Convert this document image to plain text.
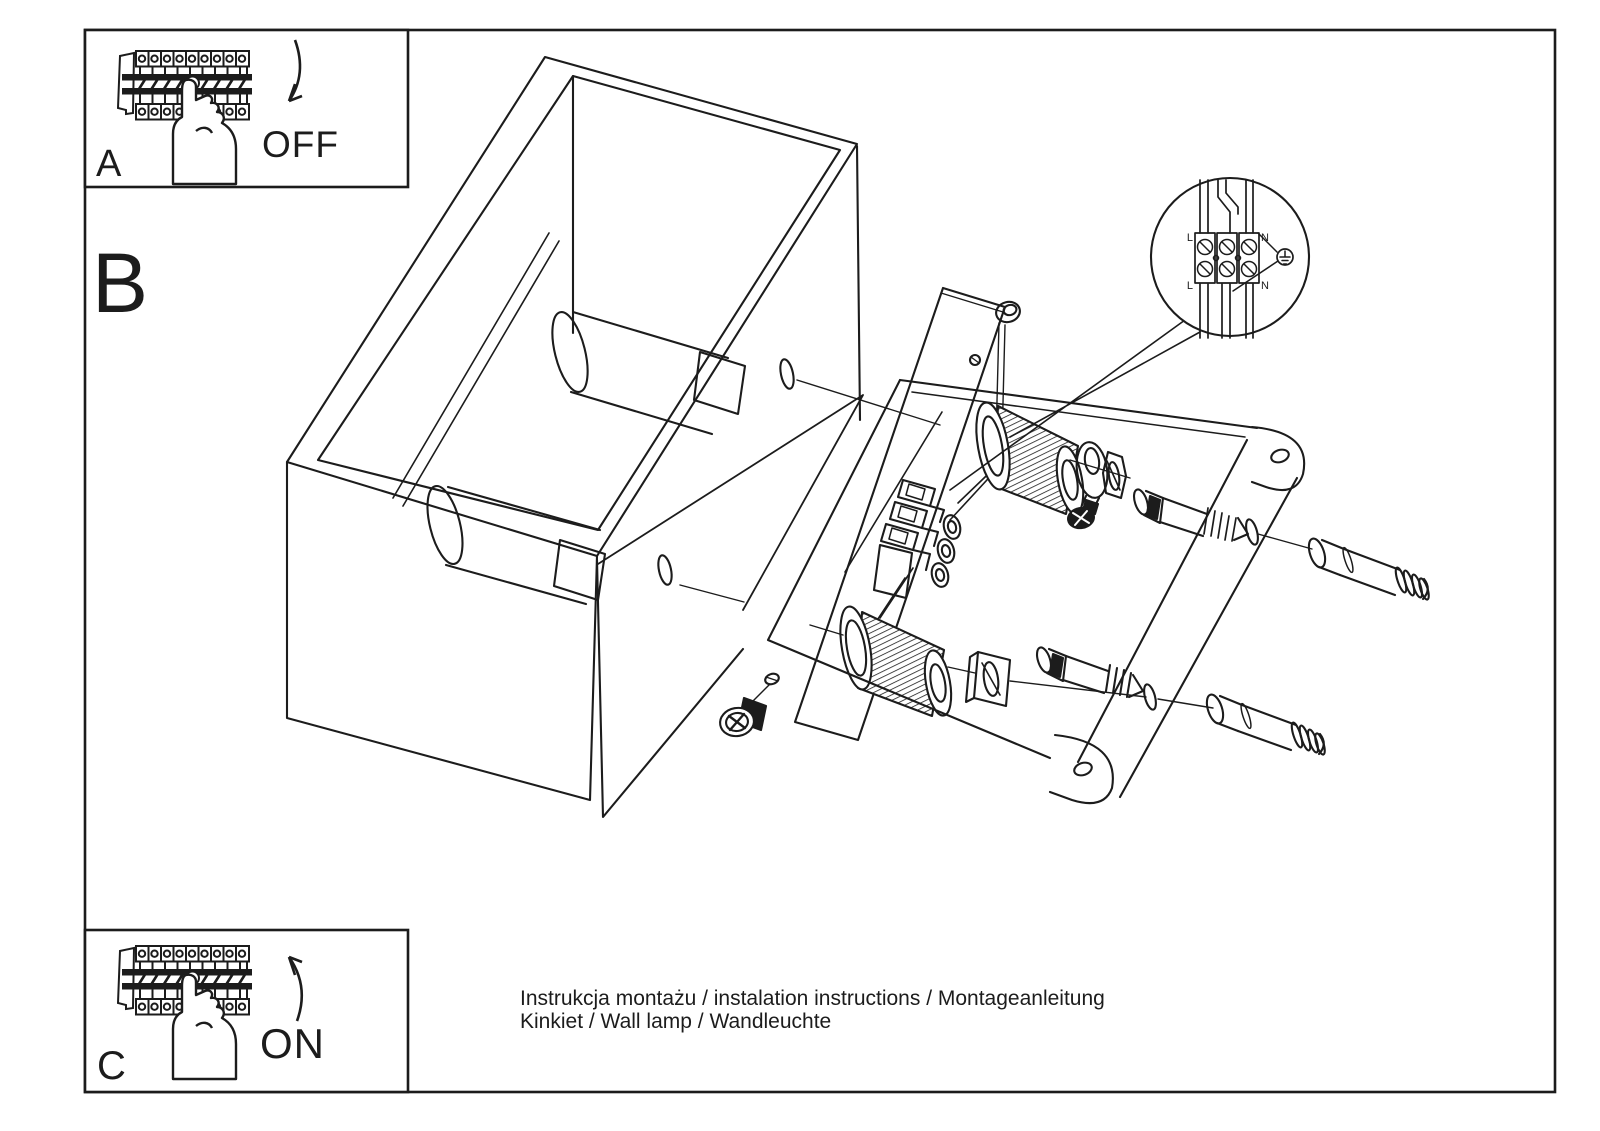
A	OFF
B
C	ON
L	N
L	N
Instrukcja montażu / instalation instructions / Montageanleitung
Kinkiet / Wall lamp / Wandleuchte
